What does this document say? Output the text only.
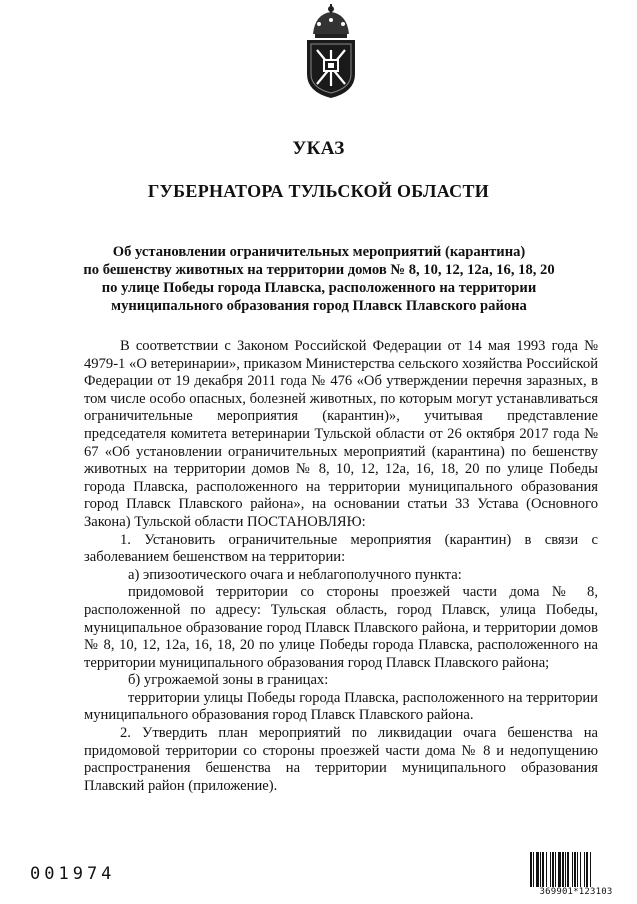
УКАЗ
ГУБЕРНАТОРА ТУЛЬСКОЙ ОБЛАСТИ
Об установлении ограничительных мероприятий (карантина)
по бешенству животных на территории домов № 8, 10, 12, 12а, 16, 18, 20
по улице Победы города Плавска, расположенного на территории
муниципального образования город Плавск Плавского района

В соответствии с Законом Российской Федерации от 14 мая 1993 года № 4979-1 «О ветеринарии», приказом Министерства сельского хозяйства Российской Федерации от 19 декабря 2011 года № 476 «Об утверждении перечня заразных, в том числе особо опасных, болезней животных, по которым могут устанавливаться ограничительные мероприятия (карантин)», учитывая представление председателя комитета ветеринарии Тульской области от 26 октября 2017 года № 67 «Об установлении ограничительных мероприятий (карантина) по бешенству животных на территории домов № 8, 10, 12, 12а, 16, 18, 20 по улице Победы города Плавска, расположенного на территории муниципального образования город Плавск Плавского района», на основании статьи 33 Устава (Основного Закона) Тульской области ПОСТАНОВЛЯЮ:

1. Установить ограничительные мероприятия (карантин) в связи с заболеванием бешенством на территории:

а) эпизоотического очага и неблагополучного пункта:

придомовой территории со стороны проезжей части дома № 8, расположенной по адресу: Тульская область, город Плавск, улица Победы, муниципальное образование город Плавск Плавского района, и территории домов № 8, 10, 12, 12а, 16, 18, 20 по улице Победы города Плавска, расположенного на территории муниципального образования город Плавск Плавского района;

б) угрожаемой зоны в границах:

территории улицы Победы города Плавска, расположенного на территории муниципального образования город Плавск Плавского района.

2. Утвердить план мероприятий по ликвидации очага бешенства на придомовой территории со стороны проезжей части дома № 8 и недопущению распространения бешенства на территории муниципального образования Плавский район (приложение).

001974
369901*123103
